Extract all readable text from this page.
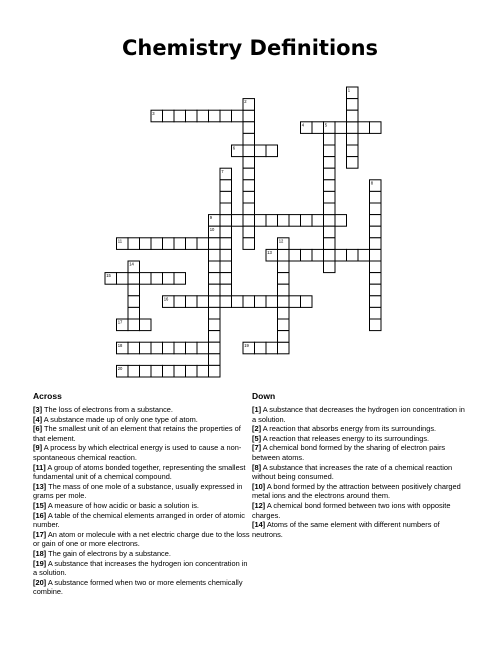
Chemistry Definitions
1
2
3
4	5
6
7
8
9
10
11	12
13
14
15
16
17
18	19
20
Across	Down
[3] The loss of electrons from a substance.
[4] A substance made up of only one type of atom.
[6] The smallest unit of an element that retains the properties of that element.
[9] A process by which electrical energy is used to cause a non-spontaneous chemical reaction.
[11] A group of atoms bonded together, representing the smallest fundamental unit of a chemical compound.
[13] The mass of one mole of a substance, usually expressed in grams per mole.
[15] A measure of how acidic or basic a solution is.
[16] A table of the chemical elements arranged in order of atomic number.
[17] An atom or molecule with a net electric charge due to the loss or gain of one or more electrons.
[18] The gain of electrons by a substance.
[19] A substance that increases the hydrogen ion concentration in a solution.
[20] A substance formed when two or more elements chemically combine.
[1] A substance that decreases the hydrogen ion concentration in a solution.
[2] A reaction that absorbs energy from its surroundings.
[5] A reaction that releases energy to its surroundings.
[7] A chemical bond formed by the sharing of electron pairs between atoms.
[8] A substance that increases the rate of a chemical reaction without being consumed.
[10] A bond formed by the attraction between positively charged metal ions and the electrons around them.
[12] A chemical bond formed between two ions with opposite charges.
[14] Atoms of the same element with different numbers of neutrons.
